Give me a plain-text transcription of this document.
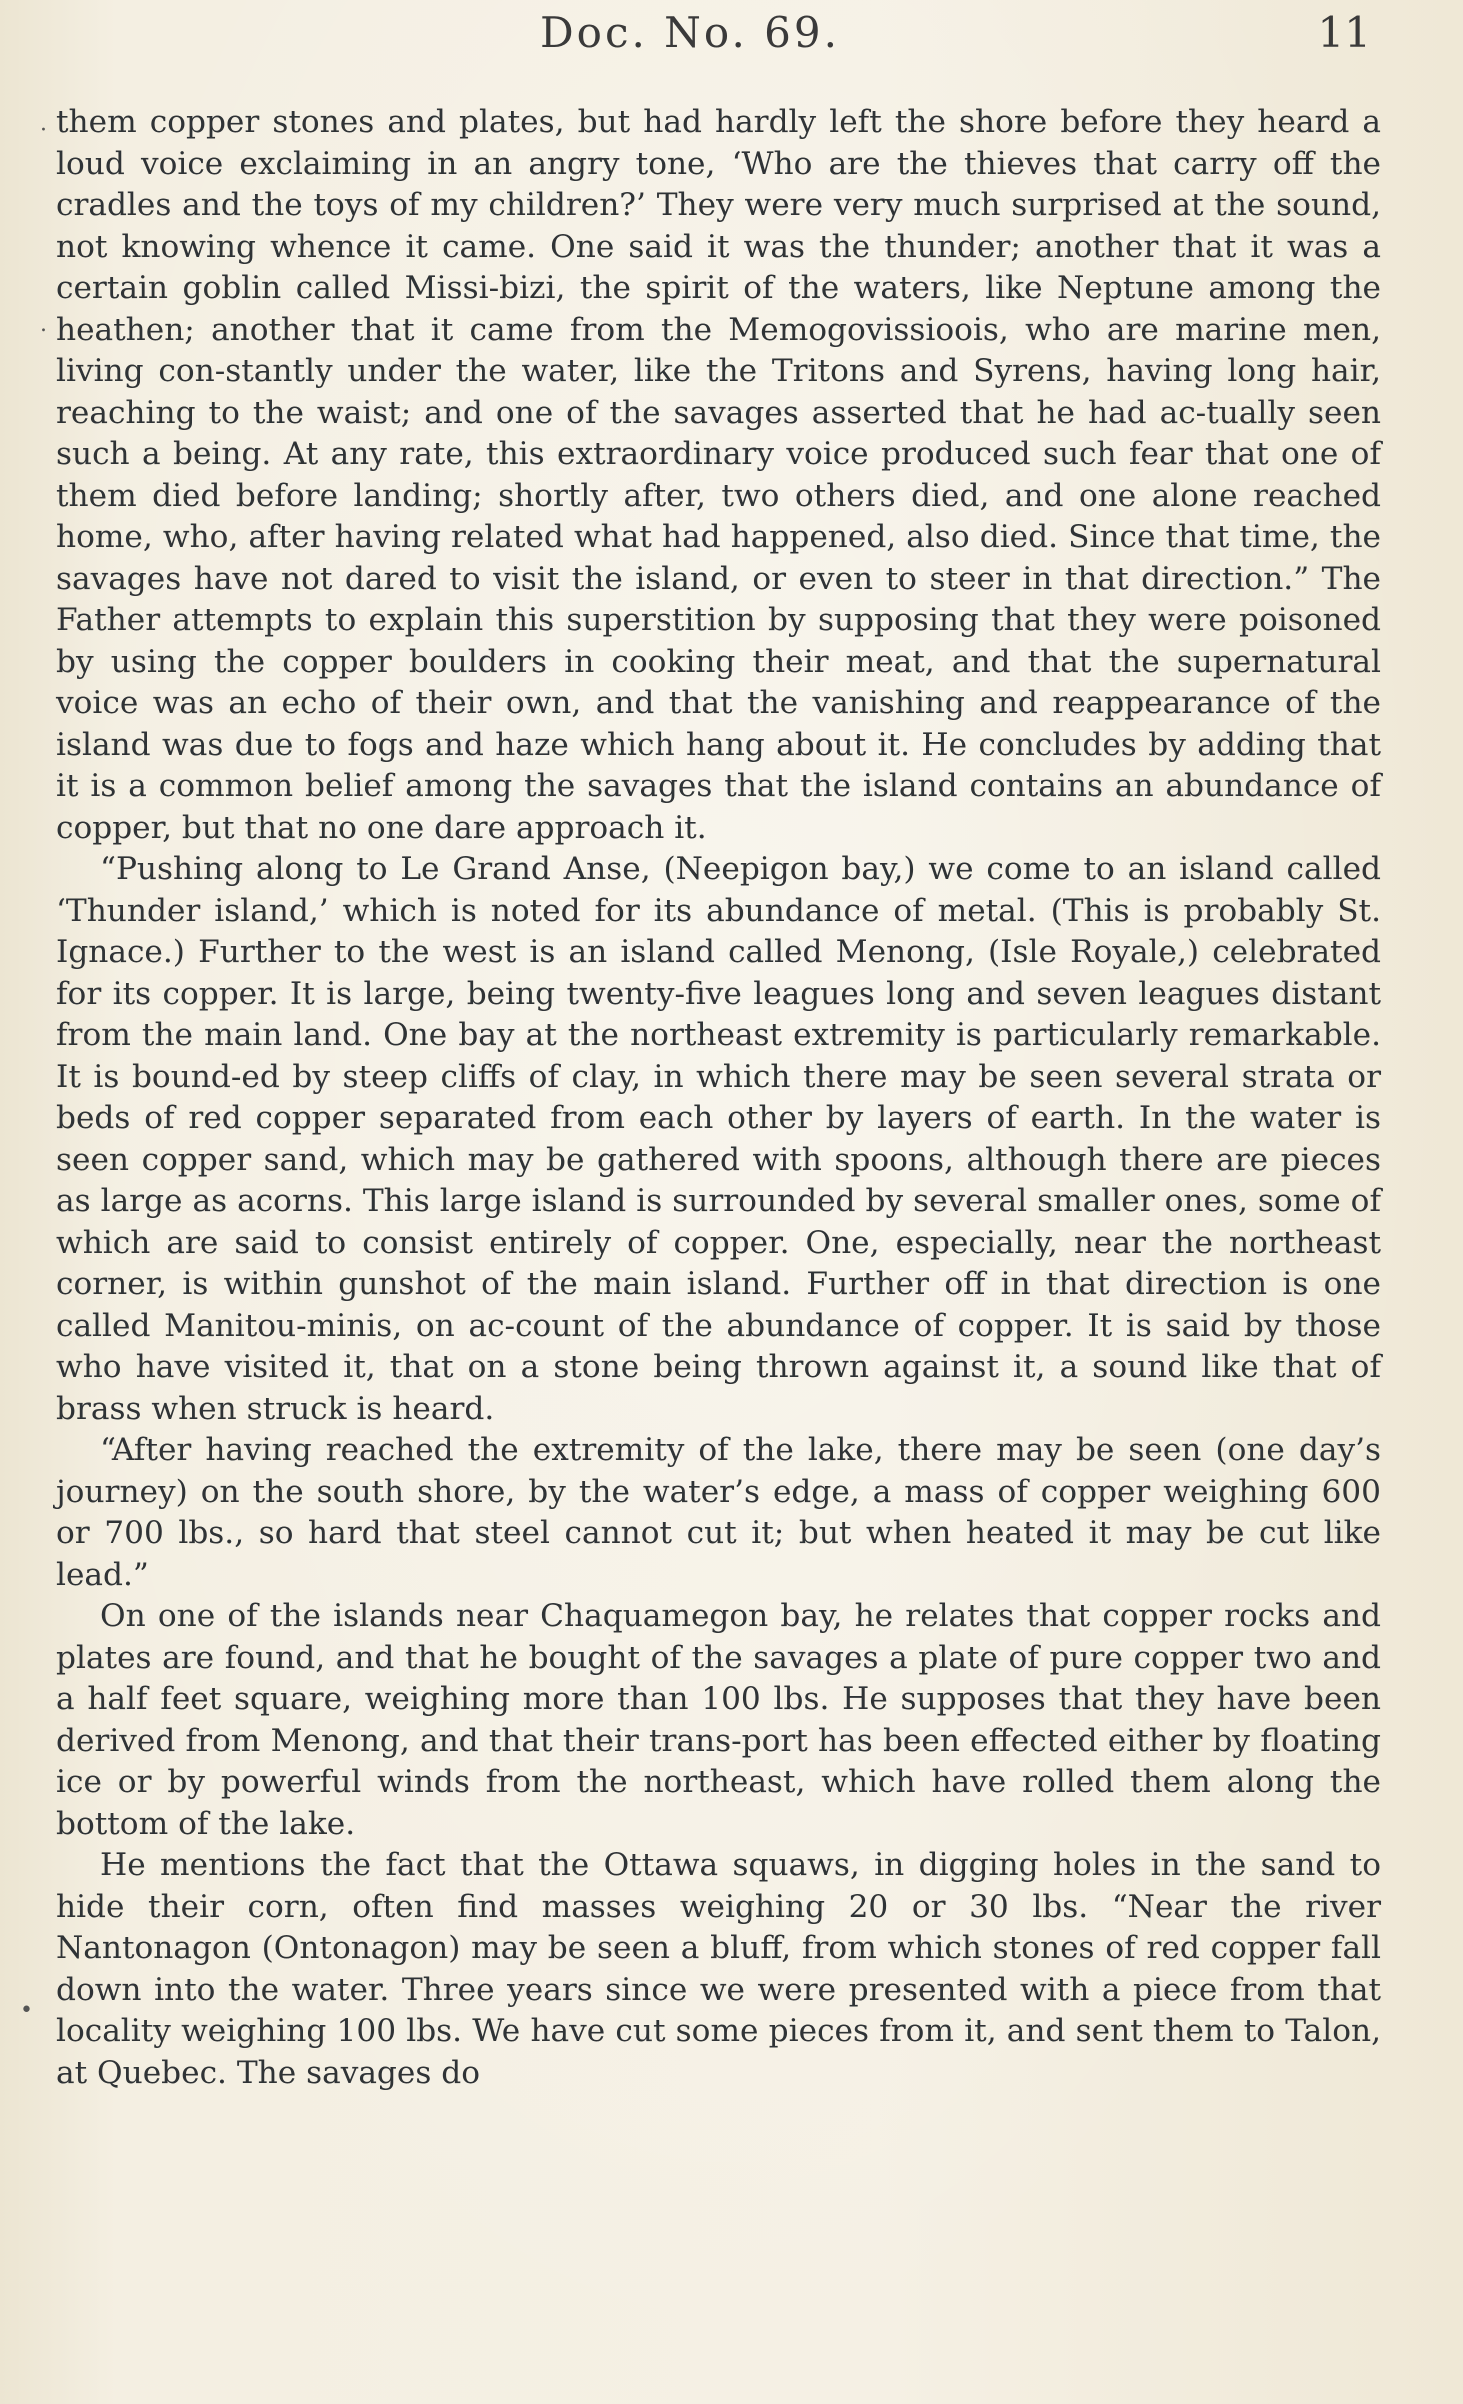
Doc. No. 69.	11

them copper stones and plates, but had hardly left the shore before they heard a loud voice exclaiming in an angry tone, ‘Who are the thieves that carry off the cradles and the toys of my children?’ They were very much surprised at the sound, not knowing whence it came. One said it was the thunder; another that it was a certain goblin called Missi-bizi, the spirit of the waters, like Neptune among the heathen; another that it came from the Memogovissioois, who are marine men, living con-stantly under the water, like the Tritons and Syrens, having long hair, reaching to the waist; and one of the savages asserted that he had ac-tually seen such a being. At any rate, this extraordinary voice produced such fear that one of them died before landing; shortly after, two others died, and one alone reached home, who, after having related what had happened, also died. Since that time, the savages have not dared to visit the island, or even to steer in that direction.” The Father attempts to explain this superstition by supposing that they were poisoned by using the copper boulders in cooking their meat, and that the supernatural voice was an echo of their own, and that the vanishing and reappearance of the island was due to fogs and haze which hang about it. He concludes by adding that it is a common belief among the savages that the island contains an abundance of copper, but that no one dare approach it.

“Pushing along to Le Grand Anse, (Neepigon bay,) we come to an island called ‘Thunder island,’ which is noted for its abundance of metal. (This is probably St. Ignace.) Further to the west is an island called Menong, (Isle Royale,) celebrated for its copper. It is large, being twenty-five leagues long and seven leagues distant from the main land. One bay at the northeast extremity is particularly remarkable. It is bound-ed by steep cliffs of clay, in which there may be seen several strata or beds of red copper separated from each other by layers of earth. In the water is seen copper sand, which may be gathered with spoons, although there are pieces as large as acorns. This large island is surrounded by several smaller ones, some of which are said to consist entirely of copper. One, especially, near the northeast corner, is within gunshot of the main island. Further off in that direction is one called Manitou-minis, on ac-count of the abundance of copper. It is said by those who have visited it, that on a stone being thrown against it, a sound like that of brass when struck is heard.

“After having reached the extremity of the lake, there may be seen (one day’s journey) on the south shore, by the water’s edge, a mass of copper weighing 600 or 700 lbs., so hard that steel cannot cut it; but when heated it may be cut like lead.”

On one of the islands near Chaquamegon bay, he relates that copper rocks and plates are found, and that he bought of the savages a plate of pure copper two and a half feet square, weighing more than 100 lbs. He supposes that they have been derived from Menong, and that their trans-port has been effected either by floating ice or by powerful winds from the northeast, which have rolled them along the bottom of the lake.

He mentions the fact that the Ottawa squaws, in digging holes in the sand to hide their corn, often find masses weighing 20 or 30 lbs. “Near the river Nantonagon (Ontonagon) may be seen a bluff, from which stones of red copper fall down into the water. Three years since we were presented with a piece from that locality weighing 100 lbs. We have cut some pieces from it, and sent them to Talon, at Quebec. The savages do

·
.
•
